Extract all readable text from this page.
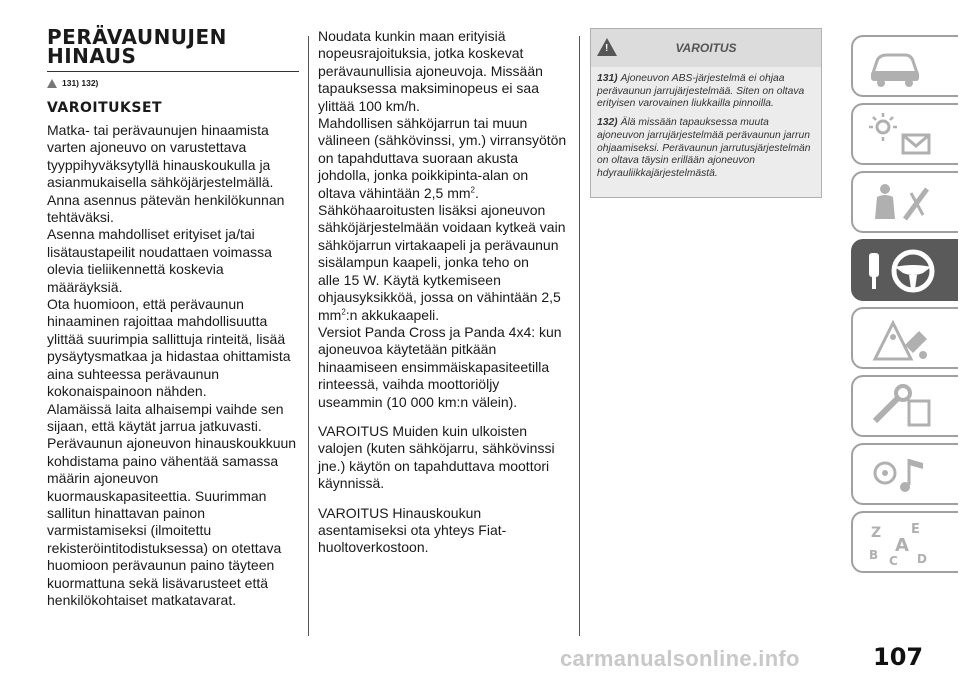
PERÄVAUNUJEN
HINAUS
131) 132)
VAROITUKSET

Matka- tai perävaunujen hinaamista
varten ajoneuvo on varustettava
tyyppihyväksytyllä hinauskoukulla ja
asianmukaisella sähköjärjestelmällä.
Anna asennus pätevän henkilökunnan
tehtäväksi.
Asenna mahdolliset erityiset ja/tai
lisätaustapeilit noudattaen voimassa
olevia tieliikennettä koskevia
määräyksiä.
Ota huomioon, että perävaunun
hinaaminen rajoittaa mahdollisuutta
ylittää suurimpia sallittuja rinteitä, lisää
pysäytysmatkaa ja hidastaa ohittamista
aina suhteessa perävaunun
kokonaispainoon nähden.
Alamäissä laita alhaisempi vaihde sen
sijaan, että käytät jarrua jatkuvasti.
Perävaunun ajoneuvon hinauskoukkuun
kohdistama paino vähentää samassa
määrin ajoneuvon
kuormauskapasiteettia. Suurimman
sallitun hinattavan painon
varmistamiseksi (ilmoitettu
rekisteröintitodistuksessa) on otettava
huomioon perävaunun paino täyteen
kuormattuna sekä lisävarusteet että
henkilökohtaiset matkatavarat.

Noudata kunkin maan erityisiä
nopeusrajoituksia, jotka koskevat
perävaunullisia ajoneuvoja. Missään
tapauksessa maksiminopeus ei saa
ylittää 100 km/h.
Mahdollisen sähköjarrun tai muun
välineen (sähkövinssi, ym.) virransyötön
on tapahduttava suoraan akusta
johdolla, jonka poikkipinta-alan on
oltava vähintään 2,5 $mm^2$.

Sähköhaaroitusten lisäksi ajoneuvon
sähköjärjestelmään voidaan kytkeä vain
sähköjarrun virtakaapeli ja perävaunun
sisälampun kaapeli, jonka teho on
alle 15 W. Käytä kytkemiseen
ohjausyksikköä, jossa on vähintään 2,5
$mm^2:n$ akkukaapeli.

Versiot Panda Cross ja Panda 4x4: kun
ajoneuvoa käytetään pitkään
hinaamiseen ensimmäiskapasiteetilla
rinteessä, vaihda moottoriöljy
useammin (10 000 km:n välein).

VAROITUS Muiden kuin ulkoisten
valojen (kuten sähköjarru, sähkövinssi
jne.) käytön on tapahduttava moottori
käynnissä.

VAROITUS Hinauskoukun
asentamiseksi ota yhteys Fiat-
huoltoverkostoon.

!	VAROITUS

131) Ajoneuvon ABS-järjestelmä ei ohjaa perävaunun jarrujärjestelmää. Siten on oltava erityisen varovainen liukkailla pinnoilla.

132) Älä missään tapauksessa muuta ajoneuvon jarrujärjestelmää perävaunun jarrun ohjaamiseksi. Perävaunun jarrutusjärjestelmän on oltava täysin erillään ajoneuvon hdyrauliikkajärjestelmästä.

Z E
A
B C D
carmanualsonline.info	107
